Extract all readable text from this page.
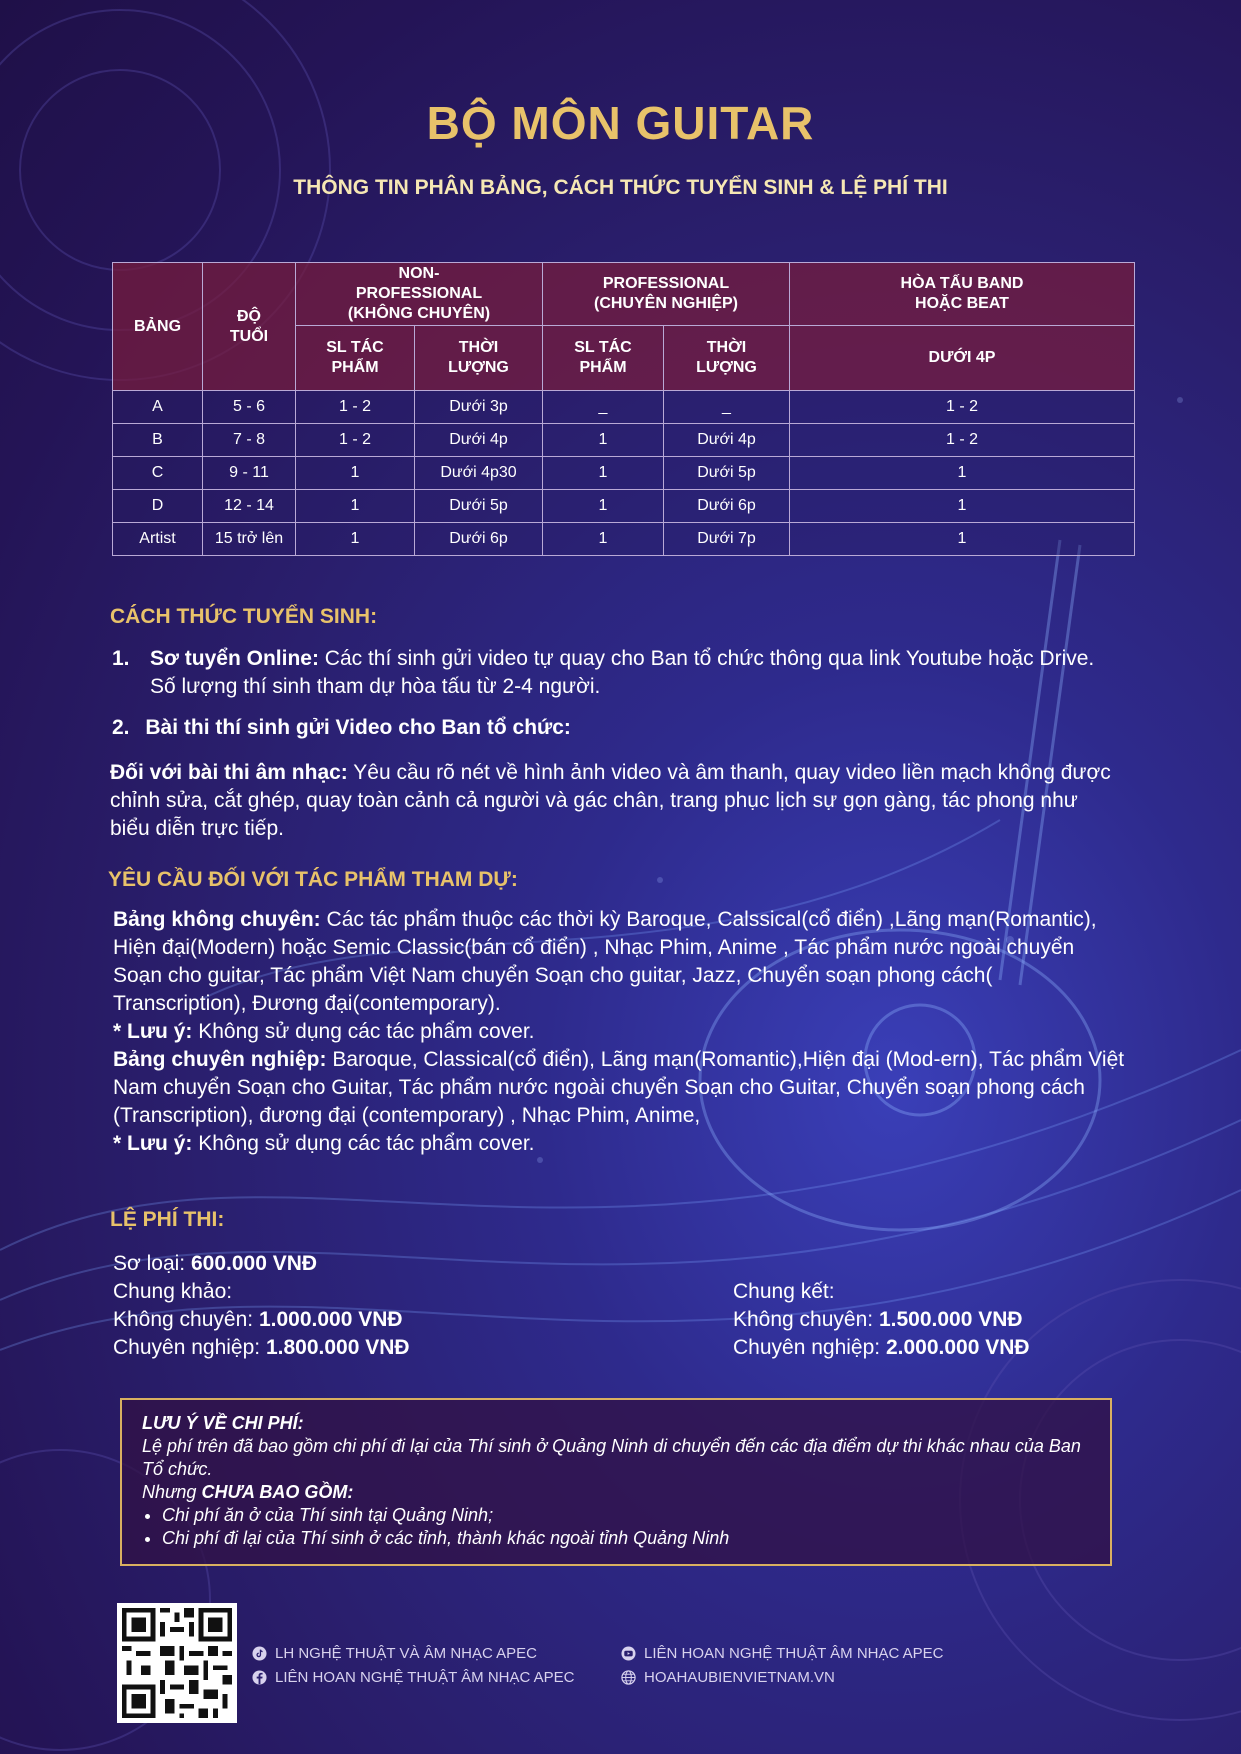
BỘ MÔN GUITAR
THÔNG TIN PHÂN BẢNG, CÁCH THỨC TUYỂN SINH & LỆ PHÍ THI
BẢNG	ĐỘ TUỔI	NON-PROFESSIONAL (KHÔNG CHUYÊN)		PROFESSIONAL (CHUYÊN NGHIỆP)		HÒA TẤU BAND HOẶC BEAT
		SL TÁC PHẨM	THỜI LƯỢNG	SL TÁC PHẨM	THỜI LƯỢNG	DƯỚI 4P
A	5 - 6	1 - 2	Dưới 3p	_	_	1 - 2
B	7 - 8	1 - 2	Dưới 4p	1	Dưới 4p	1 - 2
C	9 - 11	1	Dưới 4p30	1	Dưới 5p	1
D	12 - 14	1	Dưới 5p	1	Dưới 6p	1
Artist	15 trở lên	1	Dưới 6p	1	Dưới 7p	1
CÁCH THỨC TUYỂN SINH:
1. Sơ tuyển Online: Các thí sinh gửi video tự quay cho Ban tổ chức thông qua link Youtube hoặc Drive. Số lượng thí sinh tham dự hòa tấu từ 2-4 người.
2. Bài thi thí sinh gửi Video cho Ban tổ chức:
Đối với bài thi âm nhạc: Yêu cầu rõ nét về hình ảnh video và âm thanh, quay video liền mạch không được chỉnh sửa, cắt ghép, quay toàn cảnh cả người và gác chân, trang phục lịch sự gọn gàng, tác phong như biểu diễn trực tiếp.
YÊU CẦU ĐỐI VỚI TÁC PHẨM THAM DỰ:
Bảng không chuyên: Các tác phẩm thuộc các thời kỳ Baroque, Calssical(cổ điển) ,Lãng mạn(Romantic), Hiện đại(Modern) hoặc Semic Classic(bán cổ điển) , Nhạc Phim, Anime , Tác phẩm nước ngoài chuyển Soạn cho guitar, Tác phẩm Việt Nam chuyển Soạn cho guitar, Jazz, Chuyển soạn phong cách( Transcription), Đương đại(contemporary).
* Lưu ý: Không sử dụng các tác phẩm cover.
Bảng chuyên nghiệp: Baroque, Classical(cổ điển), Lãng mạn(Romantic),Hiện đại (Mod-ern), Tác phẩm Việt Nam chuyển Soạn cho Guitar, Tác phẩm nước ngoài chuyển Soạn cho Guitar, Chuyển soạn phong cách (Transcription), đương đại (contemporary) , Nhạc Phim, Anime,
* Lưu ý: Không sử dụng các tác phẩm cover.
LỆ PHÍ THI:
Sơ loại: 600.000 VNĐ
Chung khảo:
Không chuyên: 1.000.000 VNĐ
Chuyên nghiệp: 1.800.000 VNĐ
Chung kết:
Không chuyên: 1.500.000 VNĐ
Chuyên nghiệp: 2.000.000 VNĐ
LƯU Ý VỀ CHI PHÍ:
Lệ phí trên đã bao gồm chi phí đi lại của Thí sinh ở Quảng Ninh di chuyển đến các địa điểm dự thi khác nhau của Ban Tổ chức.
Nhưng CHƯA BAO GỒM:
• Chi phí ăn ở của Thí sinh tại Quảng Ninh;
• Chi phí đi lại của Thí sinh ở các tỉnh, thành khác ngoài tỉnh Quảng Ninh
LH NGHỆ THUẬT VÀ ÂM NHẠC APEC
LIÊN HOAN NGHỆ THUẬT ÂM NHẠC APEC
LIÊN HOAN NGHỆ THUẬT ÂM NHẠC APEC
HOAHAUBIENVIETNAM.VN
